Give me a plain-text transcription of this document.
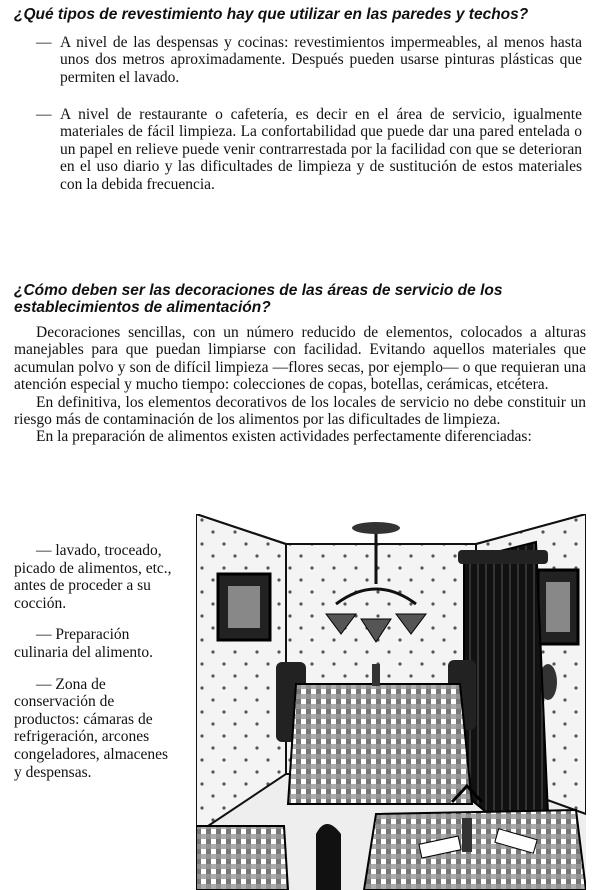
¿Qué tipos de revestimiento hay que utilizar en las paredes y techos?
— A nivel de las despensas y cocinas: revestimientos impermeables, al menos hasta unos dos metros aproximadamente. Después pueden usarse pinturas plásticas que permiten el lavado.
— A nivel de restaurante o cafetería, es decir en el área de servicio, igualmente materiales de fácil limpieza. La confortabilidad que puede dar una pared entelada o un papel en relieve puede venir contrarrestada por la facilidad con que se deterioran en el uso diario y las dificultades de limpieza y de sustitución de estos materiales con la debida frecuencia.
¿Cómo deben ser las decoraciones de las áreas de servicio de los establecimientos de alimentación?

Decoraciones sencillas, con un número reducido de elementos, colocados a alturas manejables para que puedan limpiarse con facilidad. Evitando aquellos materiales que acumulan polvo y son de difícil limpieza —flores secas, por ejemplo— o que requieran una atención especial y mucho tiempo: colecciones de copas, botellas, cerámicas, etcétera.

En definitiva, los elementos decorativos de los locales de servicio no debe constituir un riesgo más de contaminación de los alimentos por las dificultades de limpieza.

En la preparación de alimentos existen actividades perfectamente diferenciadas:

— lavado, troceado, picado de alimentos, etc., antes de proceder a su cocción.

— Preparación culinaria del alimento.

— Zona de conservación de productos: cámaras de refrigeración, arcones congeladores, almacenes y despensas.
